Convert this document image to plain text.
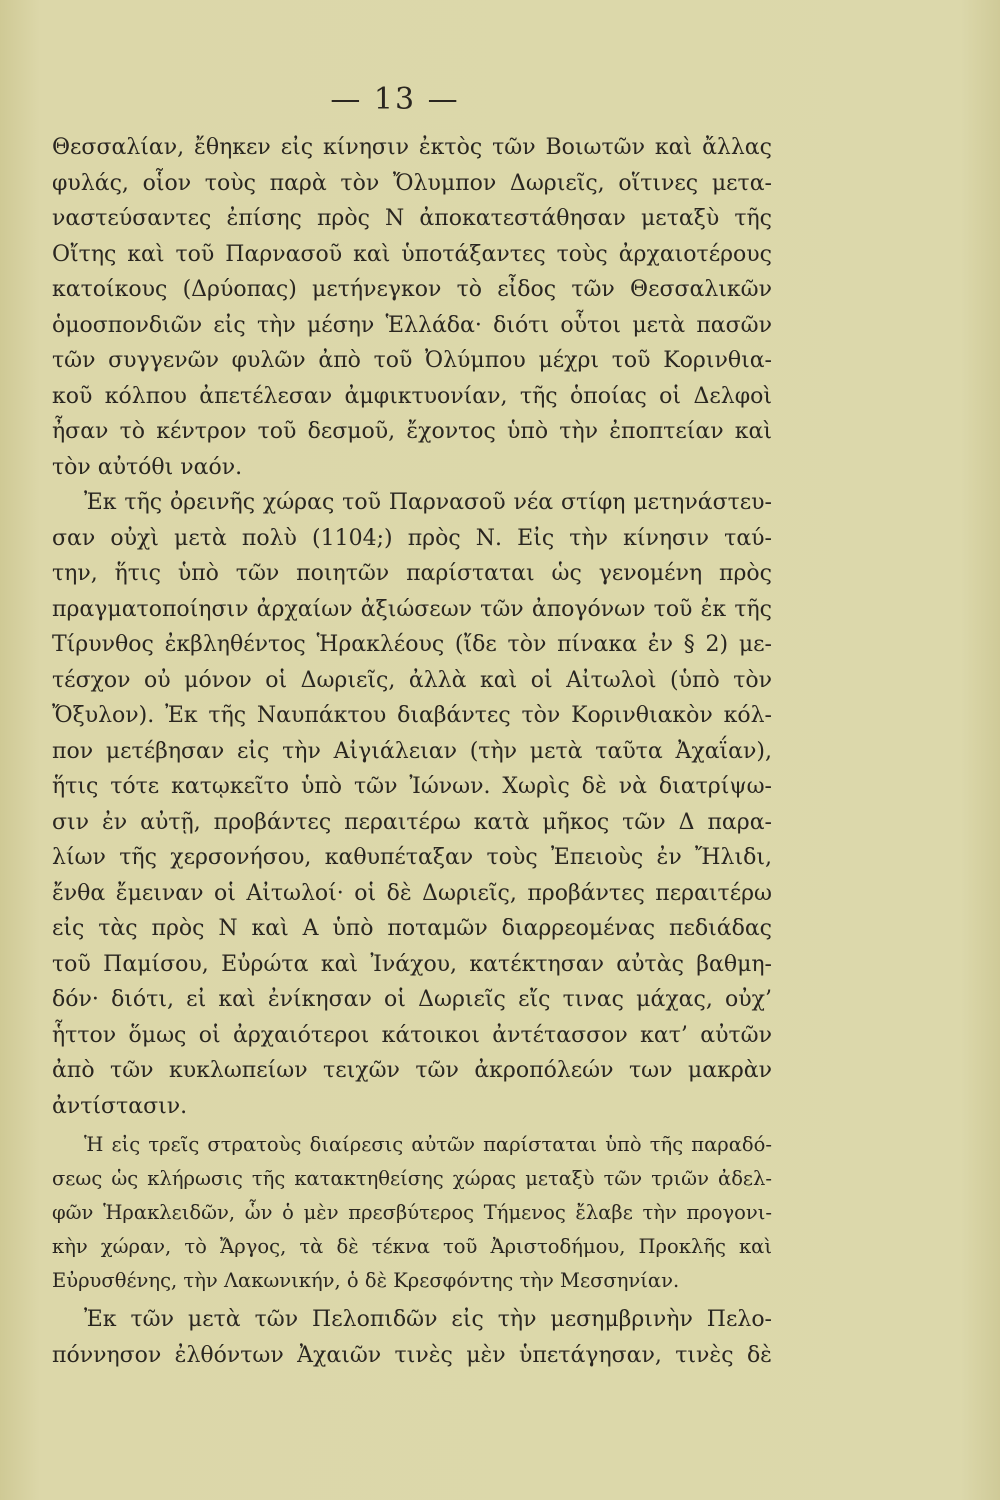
— 13 —
Θεσσαλίαν, ἔθηκεν εἰς κίνησιν ἐκτὸς τῶν Βοιωτῶν καὶ ἄλλας
φυλάς, οἷον τοὺς παρὰ τὸν Ὄλυμπον Δωριεῖς, οἵτινες μετα-
ναστεύσαντες ἐπίσης πρὸς Ν ἀποκατεστάθησαν μεταξὺ τῆς
Οἴτης καὶ τοῦ Παρνασοῦ καὶ ὑποτάξαντες τοὺς ἀρχαιοτέρους
κατοίκους (Δρύοπας) μετήνεγκον τὸ εἶδος τῶν Θεσσαλικῶν
ὁμοσπονδιῶν εἰς τὴν μέσην Ἑλλάδα· διότι οὗτοι μετὰ πασῶν
τῶν συγγενῶν φυλῶν ἀπὸ τοῦ Ὀλύμπου μέχρι τοῦ Κορινθια-
κοῦ κόλπου ἀπετέλεσαν ἀμφικτυονίαν, τῆς ὁποίας οἱ Δελφοὶ
ἦσαν τὸ κέντρον τοῦ δεσμοῦ, ἔχοντος ὑπὸ τὴν ἐποπτείαν καὶ
τὸν αὐτόθι ναόν.
Ἐκ τῆς ὀρεινῆς χώρας τοῦ Παρνασοῦ νέα στίφη μετηνάστευ-
σαν οὐχὶ μετὰ πολὺ (1104;) πρὸς Ν. Εἰς τὴν κίνησιν ταύ-
την, ἥτις ὑπὸ τῶν ποιητῶν παρίσταται ὡς γενομένη πρὸς
πραγματοποίησιν ἀρχαίων ἀξιώσεων τῶν ἀπογόνων τοῦ ἐκ τῆς
Τίρυνθος ἐκβληθέντος Ἡρακλέους (ἴδε τὸν πίνακα ἐν § 2) με-
τέσχον οὐ μόνον οἱ Δωριεῖς, ἀλλὰ καὶ οἱ Αἰτωλοὶ (ὑπὸ τὸν
Ὄξυλον). Ἐκ τῆς Ναυπάκτου διαβάντες τὸν Κορινθιακὸν κόλ-
πον μετέβησαν εἰς τὴν Αἰγιάλειαν (τὴν μετὰ ταῦτα Ἀχαΐαν),
ἥτις τότε κατῳκεῖτο ὑπὸ τῶν Ἰώνων. Χωρὶς δὲ νὰ διατρίψω-
σιν ἐν αὐτῇ, προβάντες περαιτέρω κατὰ μῆκος τῶν Δ παρα-
λίων τῆς χερσονήσου, καθυπέταξαν τοὺς Ἐπειοὺς ἐν Ἤλιδι,
ἔνθα ἔμειναν οἱ Αἰτωλοί· οἱ δὲ Δωριεῖς, προβάντες περαιτέρω
εἰς τὰς πρὸς Ν καὶ Α ὑπὸ ποταμῶν διαρρεομένας πεδιάδας
τοῦ Παμίσου, Εὐρώτα καὶ Ἰνάχου, κατέκτησαν αὐτὰς βαθμη-
δόν· διότι, εἰ καὶ ἐνίκησαν οἱ Δωριεῖς εἴς τινας μάχας, οὐχ’
ἧττον ὅμως οἱ ἀρχαιότεροι κάτοικοι ἀντέτασσον κατ’ αὐτῶν
ἀπὸ τῶν κυκλωπείων τειχῶν τῶν ἀκροπόλεών των μακρὰν
ἀντίστασιν.
Ἡ εἰς τρεῖς στρατοὺς διαίρεσις αὐτῶν παρίσταται ὑπὸ τῆς παραδό-
σεως ὡς κλήρωσις τῆς κατακτηθείσης χώρας μεταξὺ τῶν τριῶν ἀδελ-
φῶν Ἡρακλειδῶν, ὧν ὁ μὲν πρεσβύτερος Τήμενος ἔλαβε τὴν προγονι-
κὴν χώραν, τὸ Ἄργος, τὰ δὲ τέκνα τοῦ Ἀριστοδήμου, Προκλῆς καὶ
Εὐρυσθένης, τὴν Λακωνικήν, ὁ δὲ Κρεσφόντης τὴν Μεσσηνίαν.
Ἐκ τῶν μετὰ τῶν Πελοπιδῶν εἰς τὴν μεσημβρινὴν Πελο-
πόννησον ἐλθόντων Ἀχαιῶν τινὲς μὲν ὑπετάγησαν, τινὲς δὲ
